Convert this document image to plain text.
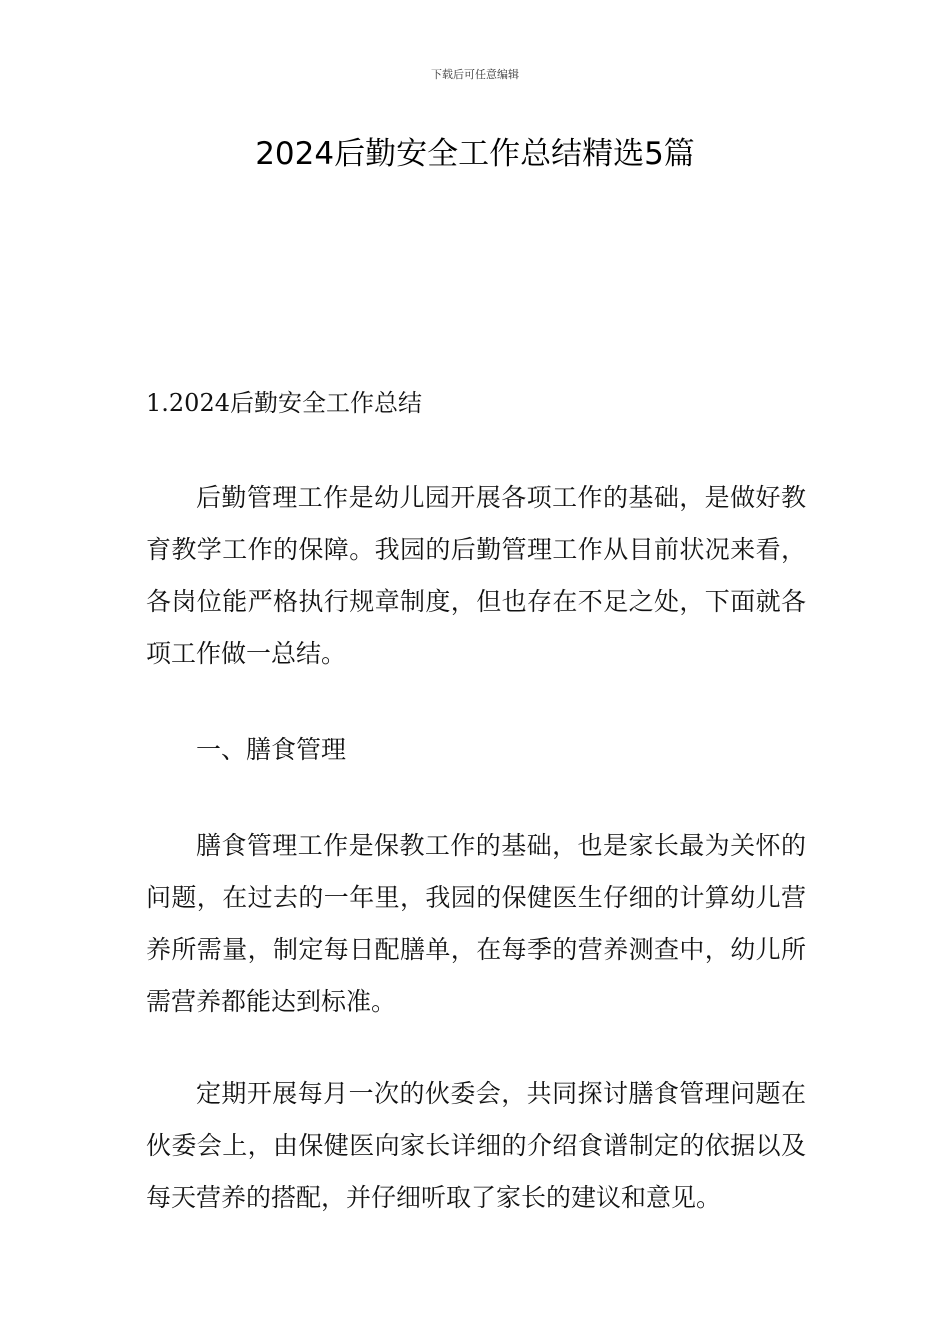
下载后可任意编辑
2024后勤安全工作总结精选5篇
1.2024后勤安全工作总结

后勤管理工作是幼儿园开展各项工作的基础，是做好教育教学工作的保障。我园的后勤管理工作从目前状况来看，各岗位能严格执行规章制度，但也存在不足之处，下面就各项工作做一总结。

一、膳食管理

膳食管理工作是保教工作的基础，也是家长最为关怀的问题，在过去的一年里，我园的保健医生仔细的计算幼儿营养所需量，制定每日配膳单，在每季的营养测查中，幼儿所需营养都能达到标准。

定期开展每月一次的伙委会，共同探讨膳食管理问题在伙委会上，由保健医向家长详细的介绍食谱制定的依据以及每天营养的搭配，并仔细听取了家长的建议和意见。
